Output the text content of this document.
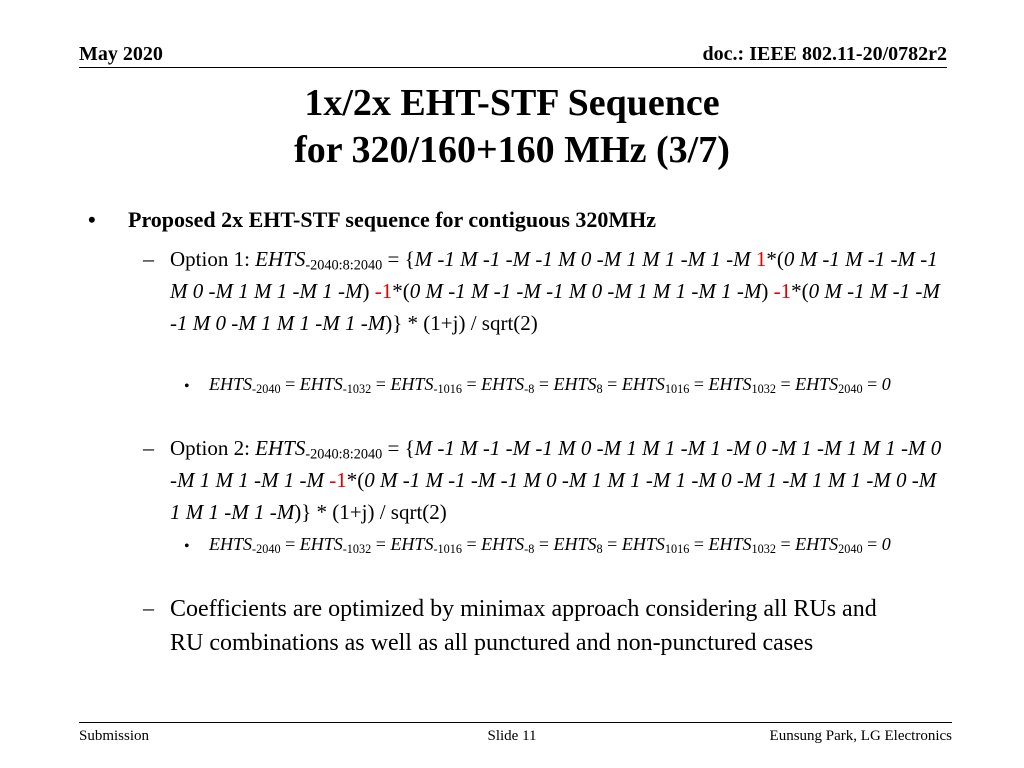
May 2020	doc.: IEEE 802.11-20/0782r2
1x/2x EHT-STF Sequence
for 320/160+160 MHz (3/7)
• Proposed 2x EHT-STF sequence for contiguous 320MHz
– Option 1: $EHTS_{-2040:8:2040} = \{M$ -1 M -1 -M -1 M 0 -M 1 M 1 -M 1 -M 1*(0 M -1 M -1 -M -1 M 0 -M 1 M 1 -M 1 -M) -1*(0 M -1 M -1 -M -1 M 0 -M 1 M 1 -M 1 -M) -1*(0 M -1 M -1 -M -1 M 0 -M 1 M 1 -M 1 -M)} * (1+j) / sqrt(2)
• $EHTS_{-2040}$ = $EHTS_{-1032}$ = $EHTS_{-1016}$ = $EHTS_{-8}$ = $EHTS_8$ = $EHTS_{1016}$ = $EHTS_{1032}$ = $EHTS_{2040} = 0$
– Option 2: $EHTS_{-2040:8:2040} = \{M$ -1 M -1 -M -1 M 0 -M 1 M 1 -M 1 -M 0 -M 1 -M 1 M 1 -M 0 -M 1 M 1 -M 1 -M -1*(0 M -1 M -1 -M -1 M 0 -M 1 M 1 -M 1 -M 0 -M 1 -M 1 M 1 -M 0 -M 1 M 1 -M 1 -M)} * (1+j) / sqrt(2)
• $EHTS_{-2040}$ = $EHTS_{-1032}$ = $EHTS_{-1016}$ = $EHTS_{-8}$ = $EHTS_8$ = $EHTS_{1016}$ = $EHTS_{1032}$ = $EHTS_{2040} = 0$
– Coefficients are optimized by minimax approach considering all RUs and RU combinations as well as all punctured and non-punctured cases
Submission	Slide 11	Eunsung Park, LG Electronics
